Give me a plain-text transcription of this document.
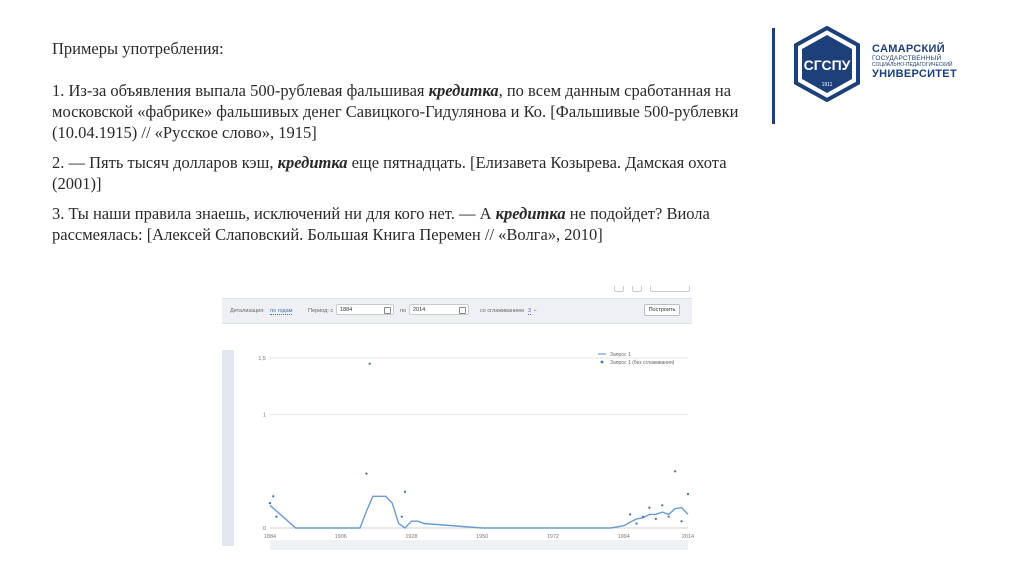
Примеры употребления:

1. Из-за объявления выпала 500-рублевая фальшивая кредитка, по всем данным сработанная на московской «фабрике» фальшивых денег Савицкого-Гидулянова и Ко. [Фальшивые 500-рублевки (10.04.1915) // «Русское слово», 1915]

2. ― Пять тысяч долларов кэш, кредитка еще пятнадцать. [Елизавета Козырева. Дамская охота (2001)]

3. Ты наши правила знаешь, исключений ни для кого нет. ― А кредитка не подойдет? Виола рассмеялась: [Алексей Слаповский. Большая Книга Перемен // «Волга», 2010]

СГСПУ
1911
САМАРСКИЙ
ГОСУДАРСТВЕННЫЙ
СОЦИАЛЬНО-ПЕДАГОГИЧЕСКИЙ
УНИВЕРСИТЕТ
Детализация: по годам	Период: с	1884	по	2014	со сглаживанием 3 ⌄	Построить
0
1
1,5
1884	1906	1928	1950	1972	1994	2014
Запрос 1
Запрос 1 (без сглаживания)
